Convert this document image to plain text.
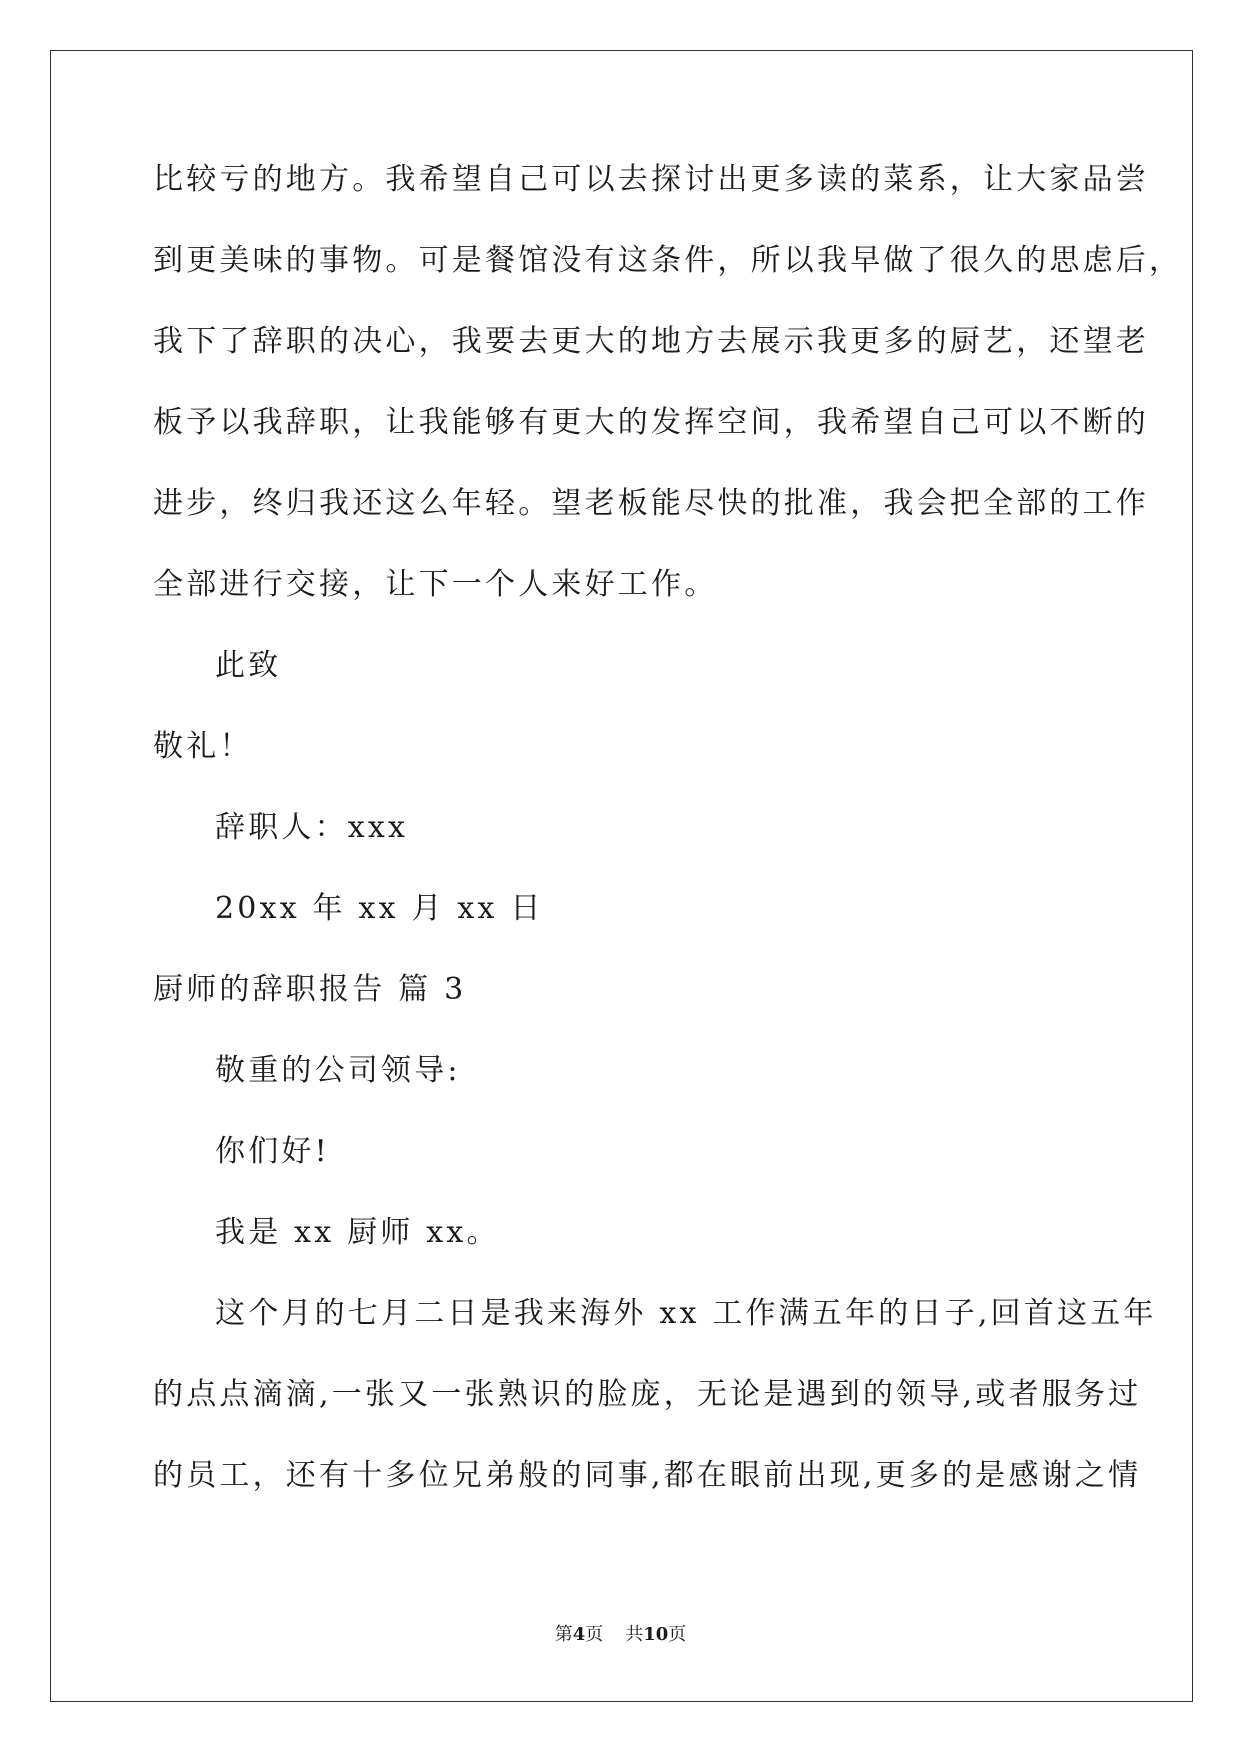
比较亏的地方。我希望自己可以去探讨出更多读的菜系，让大家品尝
到更美味的事物。可是餐馆没有这条件，所以我早做了很久的思虑后，
我下了辞职的决心，我要去更大的地方去展示我更多的厨艺，还望老
板予以我辞职，让我能够有更大的发挥空间，我希望自己可以不断的
进步，终归我还这么年轻。望老板能尽快的批准，我会把全部的工作
全部进行交接，让下一个人来好工作。
此致
敬礼！
辞职人：xxx
20xx 年 xx 月 xx 日
厨师的辞职报告 篇 3
敬重的公司领导:
你们好!
我是 xx 厨师 xx。
这个月的七月二日是我来海外 xx 工作满五年的日子,回首这五年
的点点滴滴,一张又一张熟识的脸庞，无论是遇到的领导,或者服务过
的员工，还有十多位兄弟般的同事,都在眼前出现,更多的是感谢之情
第4页 共10页
